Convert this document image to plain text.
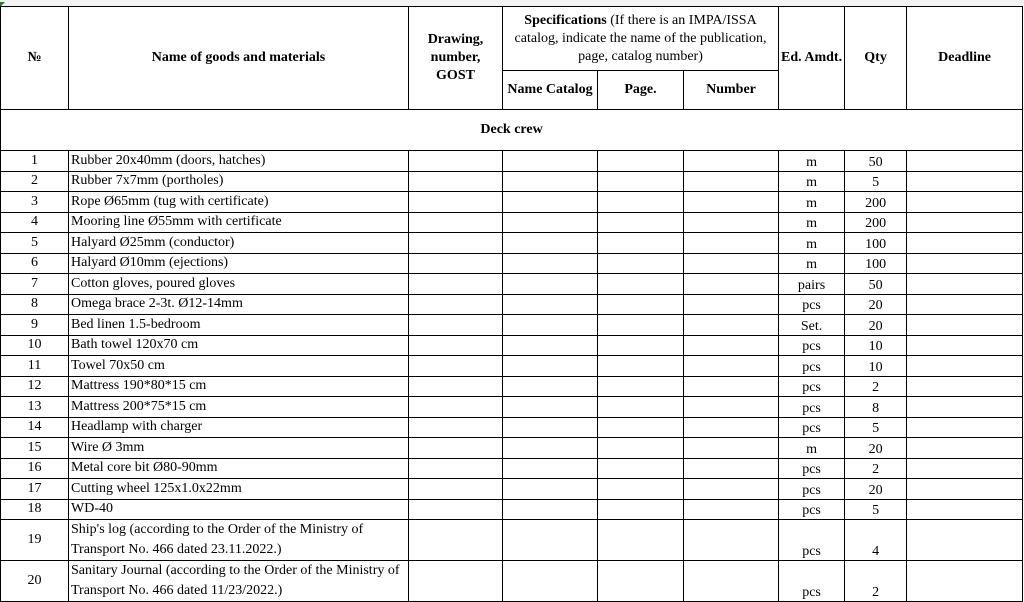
№	Name of goods and materials	Drawing, number, GOST	Specifications (If there is an IMPA/ISSA catalog, indicate the name of the publication, page, catalog number)			Ed. Amdt.	Qty	Deadline
			Name Catalog	Page.	Number			
Deck crew								
1	Rubber 20x40mm (doors, hatches)					m	50	
2	Rubber 7x7mm (portholes)					m	5	
3	Rope Ø65mm (tug with certificate)					m	200	
4	Mooring line Ø55mm with certificate					m	200	
5	Halyard Ø25mm (conductor)					m	100	
6	Halyard Ø10mm (ejections)					m	100	
7	Cotton gloves, poured gloves					pairs	50	
8	Omega brace 2-3t. Ø12-14mm					pcs	20	
9	Bed linen 1.5-bedroom					Set.	20	
10	Bath towel 120x70 cm					pcs	10	
11	Towel 70x50 cm					pcs	10	
12	Mattress 190*80*15 cm					pcs	2	
13	Mattress 200*75*15 cm					pcs	8	
14	Headlamp with charger					pcs	5	
15	Wire Ø 3mm					m	20	
16	Metal core bit Ø80-90mm					pcs	2	
17	Cutting wheel 125x1.0x22mm					pcs	20	
18	WD-40					pcs	5	
19	Ship's log (according to the Order of the Ministry of Transport No. 466 dated 23.11.2022.)					pcs	4	
20	Sanitary Journal (according to the Order of the Ministry of Transport No. 466 dated 11/23/2022.)					pcs	2	
